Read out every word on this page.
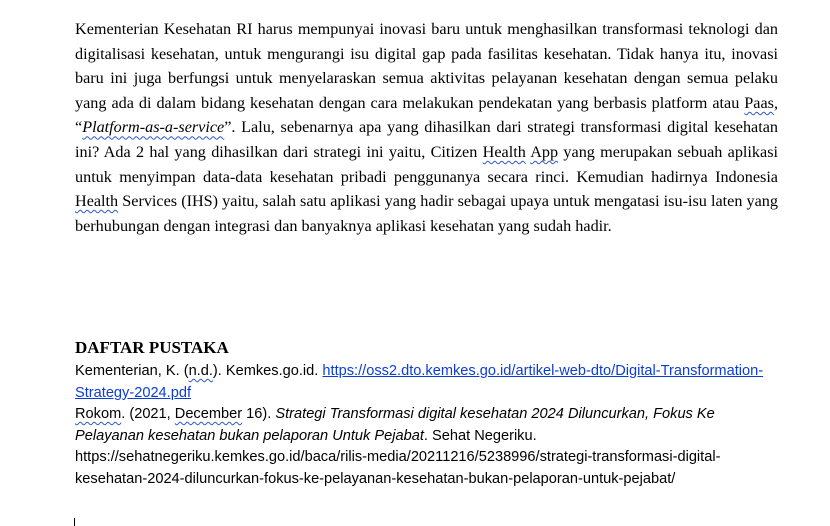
Kementerian Kesehatan RI harus mempunyai inovasi baru untuk menghasilkan transformasi teknologi dan digitalisasi kesehatan, untuk mengurangi isu digital gap pada fasilitas kesehatan. Tidak hanya itu, inovasi baru ini juga berfungsi untuk menyelaraskan semua aktivitas pelayanan kesehatan dengan semua pelaku yang ada di dalam bidang kesehatan dengan cara melakukan pendekatan yang berbasis platform atau Paas, “Platform-as-a-service”. Lalu, sebenarnya apa yang dihasilkan dari strategi transformasi digital kesehatan ini? Ada 2 hal yang dihasilkan dari strategi ini yaitu, Citizen Health App yang merupakan sebuah aplikasi untuk menyimpan data-data kesehatan pribadi penggunanya secara rinci. Kemudian hadirnya Indonesia Health Services (IHS) yaitu, salah satu aplikasi yang hadir sebagai upaya untuk mengatasi isu-isu laten yang berhubungan dengan integrasi dan banyaknya aplikasi kesehatan yang sudah hadir.

DAFTAR PUSTAKA

Kementerian, K. (n.d.). Kemkes.go.id. https://oss2.dto.kemkes.go.id/artikel-web-dto/Digital-Transformation-Strategy-2024.pdf

Rokom. (2021, December 16). Strategi Transformasi digital kesehatan 2024 Diluncurkan, Fokus Ke Pelayanan kesehatan bukan pelaporan Untuk Pejabat. Sehat Negeriku.
https://sehatnegeriku.kemkes.go.id/baca/rilis-media/20211216/5238996/strategi-transformasi-digital-kesehatan-2024-diluncurkan-fokus-ke-pelayanan-kesehatan-bukan-pelaporan-untuk-pejabat/
